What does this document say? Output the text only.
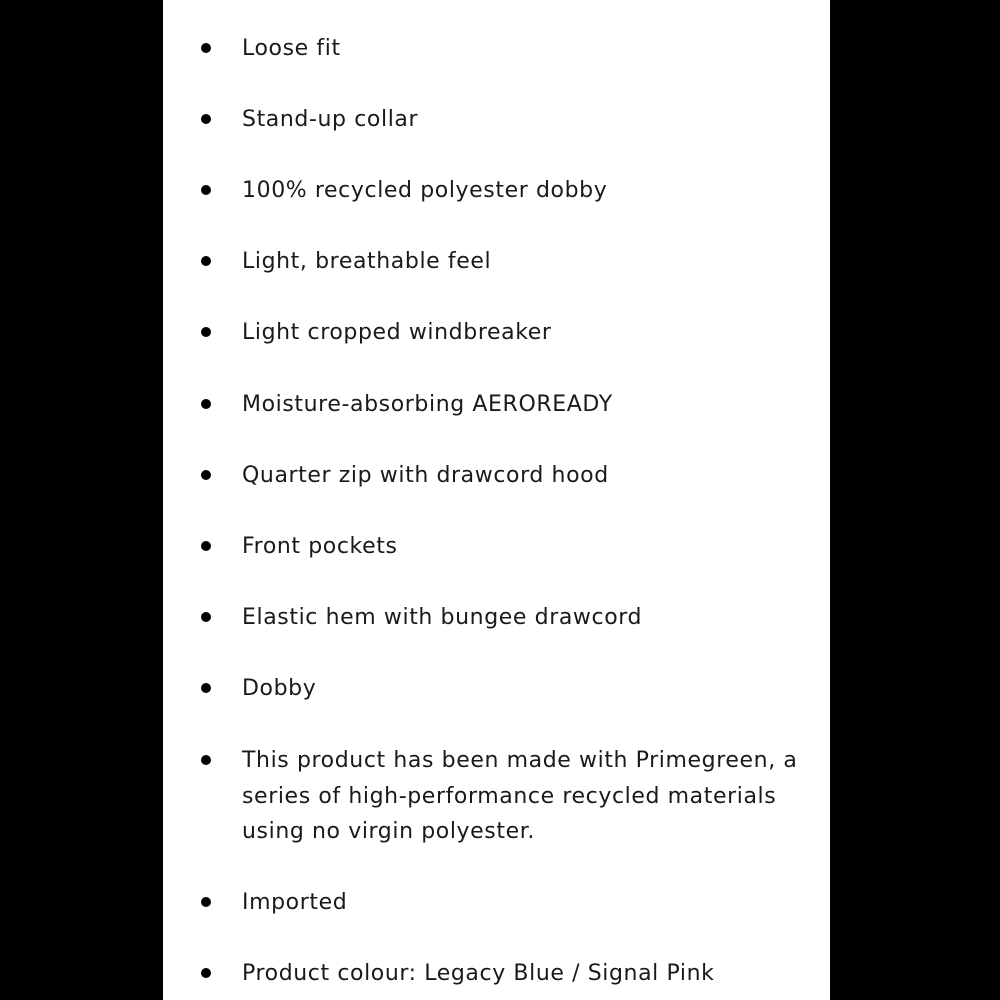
Loose fit
Stand-up collar
100% recycled polyester dobby
Light, breathable feel
Light cropped windbreaker
Moisture-absorbing AEROREADY
Quarter zip with drawcord hood
Front pockets
Elastic hem with bungee drawcord
Dobby
This product has been made with Primegreen, a series of high-performance recycled materials using no virgin polyester.
Imported
Product colour: Legacy Blue / Signal Pink
